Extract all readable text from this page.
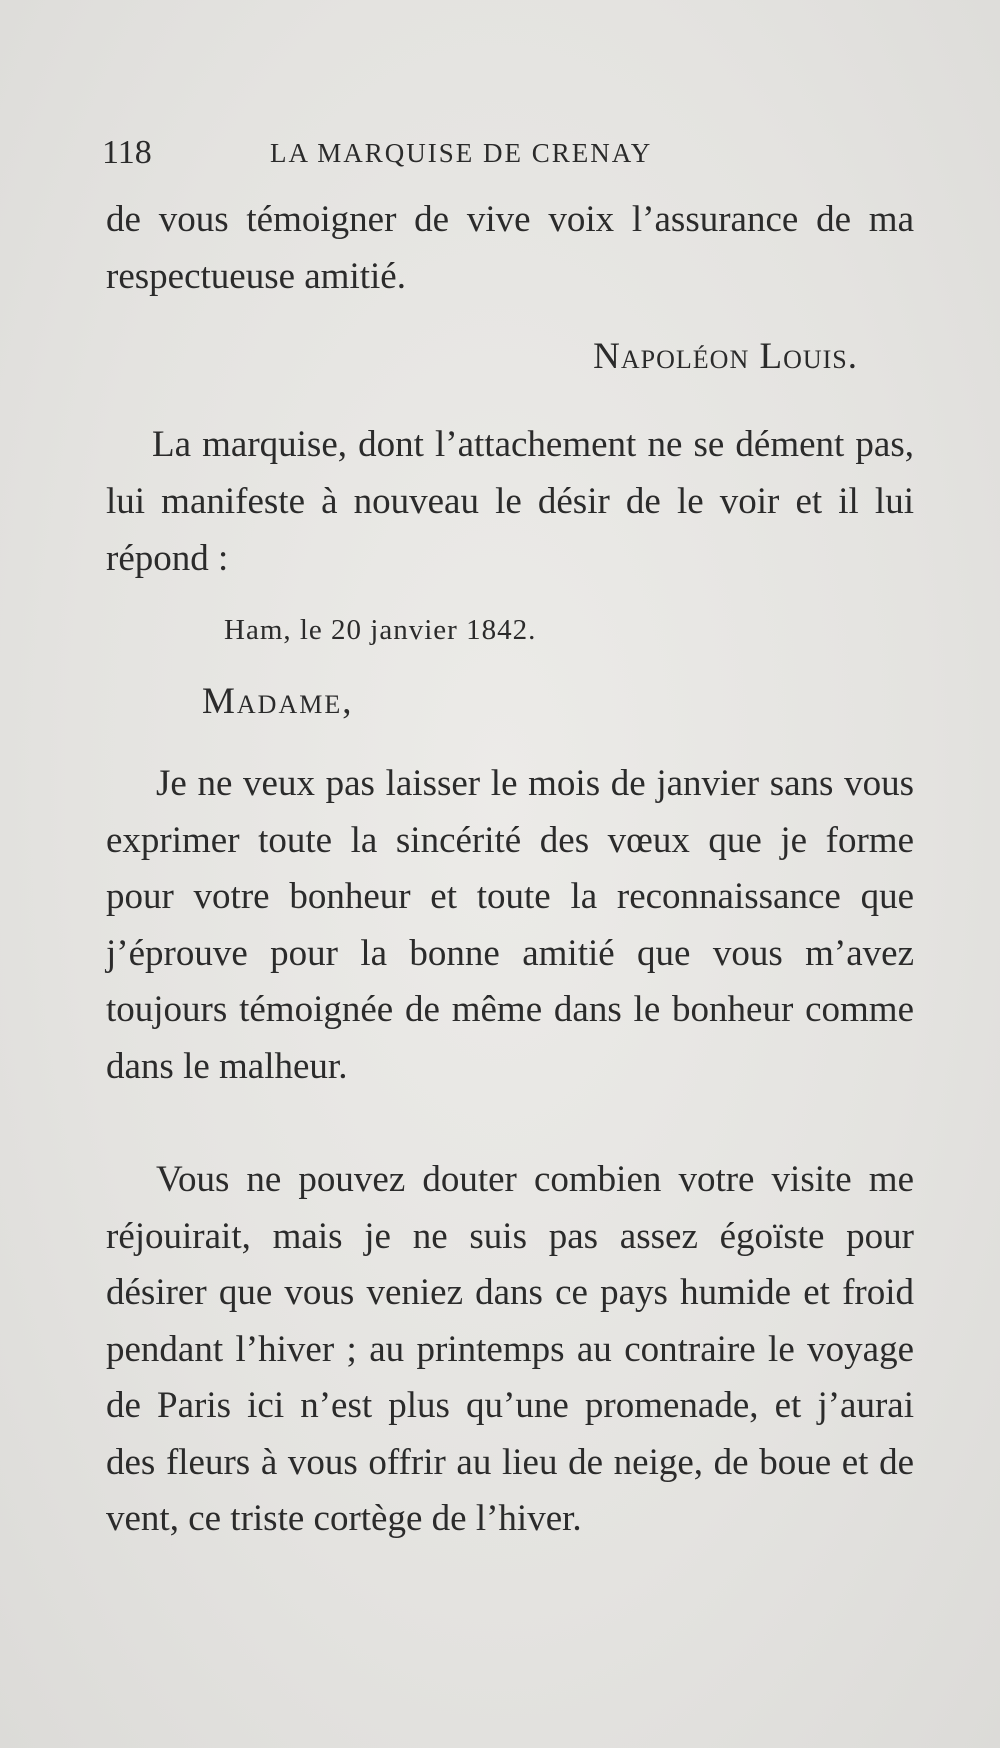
118	LA MARQUISE DE CRENAY
de vous témoigner de vive voix l’assurance de ma respectueuse amitié.
Napoléon Louis.
La marquise, dont l’attachement ne se dément pas, lui manifeste à nouveau le désir de le voir et il lui répond :
Ham, le 20 janvier 1842.
Madame,
Je ne veux pas laisser le mois de janvier sans vous exprimer toute la sincérité des vœux que je forme pour votre bonheur et toute la reconnaissance que j’éprouve pour la bonne amitié que vous m’avez toujours témoignée de même dans le bonheur comme dans le malheur.
Vous ne pouvez douter combien votre visite me réjouirait, mais je ne suis pas assez égoïste pour désirer que vous veniez dans ce pays humide et froid pendant l’hiver ; au printemps au contraire le voyage de Paris ici n’est plus qu’une promenade, et j’aurai des fleurs à vous offrir au lieu de neige, de boue et de vent, ce triste cortège de l’hiver.
